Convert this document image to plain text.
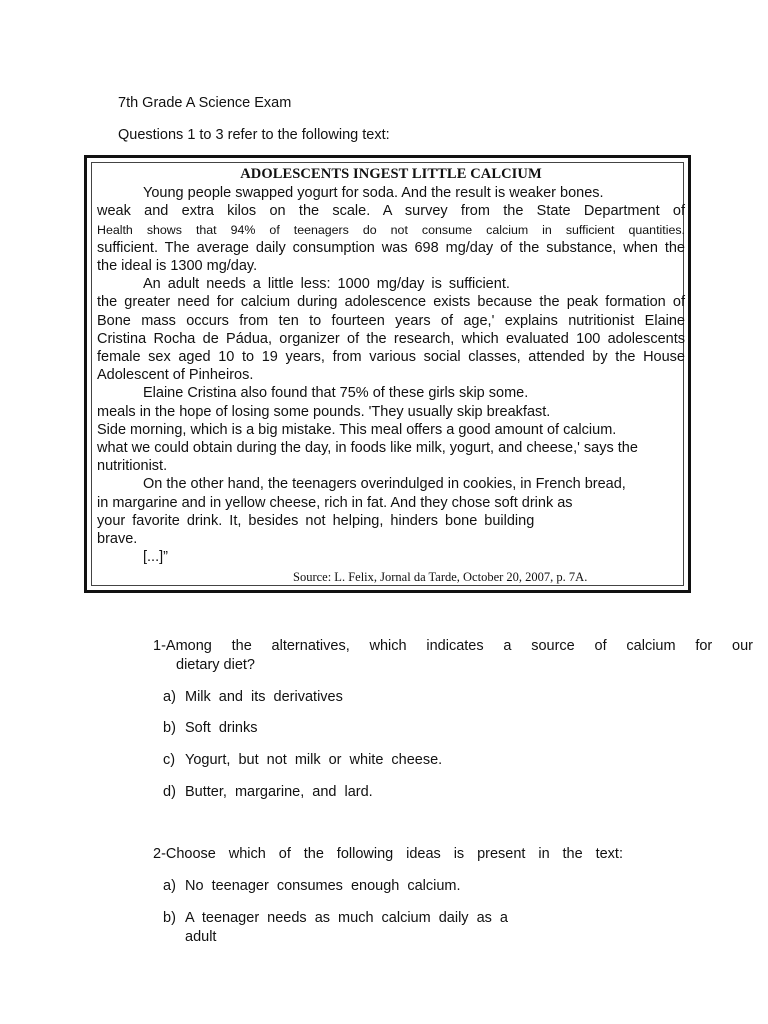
7th Grade A Science Exam
Questions 1 to 3 refer to the following text:
ADOLESCENTS INGEST LITTLE CALCIUM
Young people swapped yogurt for soda. And the result is weaker bones.
weak and extra kilos on the scale. A survey from the State Department of
Health shows that 94% of teenagers do not consume calcium in sufficient quantities.
sufficient. The average daily consumption was 698 mg/day of the substance, when the
the ideal is 1300 mg/day.
An adult needs a little less: 1000 mg/day is sufficient.
the greater need for calcium during adolescence exists because the peak formation of
Bone mass occurs from ten to fourteen years of age,' explains nutritionist Elaine
Cristina Rocha de Pádua, organizer of the research, which evaluated 100 adolescents
female sex aged 10 to 19 years, from various social classes, attended by the House
Adolescent of Pinheiros.
Elaine Cristina also found that 75% of these girls skip some.
meals in the hope of losing some pounds. 'They usually skip breakfast.
Side morning, which is a big mistake. This meal offers a good amount of calcium.
what we could obtain during the day, in foods like milk, yogurt, and cheese,' says the
nutritionist.
On the other hand, the teenagers overindulged in cookies, in French bread,
in margarine and in yellow cheese, rich in fat. And they chose soft drink as
your favorite drink. It, besides not helping, hinders bone building
brave.
[...]”
Source: L. Felix, Jornal da Tarde, October 20, 2007, p. 7A.
1-Among the alternatives, which indicates a source of calcium for our
dietary diet?
a) Milk and its derivatives
b) Soft drinks
c) Yogurt, but not milk or white cheese.
d) Butter, margarine, and lard.
2-Choose which of the following ideas is present in the text:
a) No teenager consumes enough calcium.
b) A teenager needs as much calcium daily as a
adult
